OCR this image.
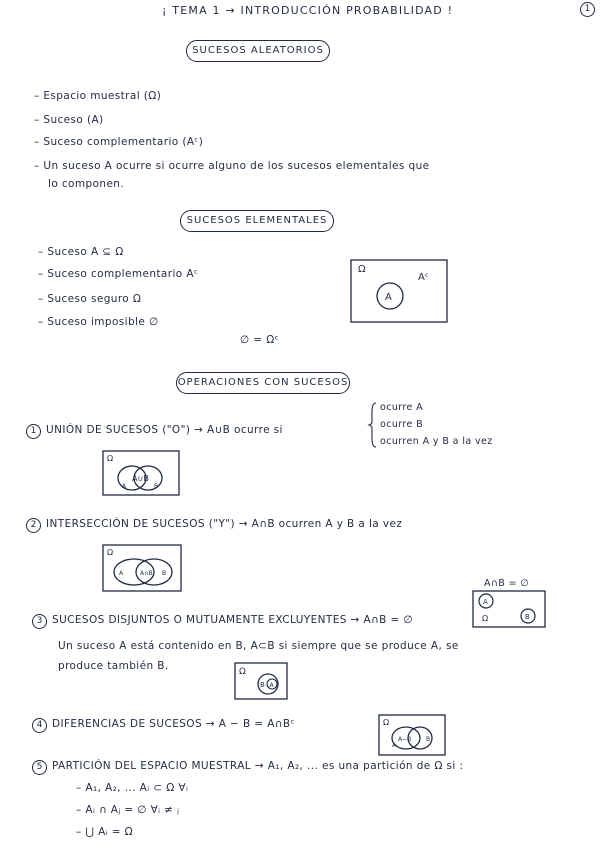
¡ TEMA 1 → INTRODUCCIÓN PROBABILIDAD !	1
SUCESOS ALEATORIOS
– Espacio muestral (Ω)
– Suceso (A)
– Suceso complementario (Aᶜ)
– Un suceso A ocurre si ocurre alguno de los sucesos elementales que
lo componen.
SUCESOS ELEMENTALES
– Suceso A ⊆ Ω
– Suceso complementario Aᶜ
– Suceso seguro Ω
– Suceso imposible ∅
∅ = Ωᶜ
Ω
A
Aᶜ
OPERACIONES CON SUCESOS
1 UNIÓN DE SUCESOS ("O") → A∪B ocurre si
ocurre A
ocurre B
ocurren A y B a la vez
Ω
A∪B
A	B
2 INTERSECCIÓN DE SUCESOS ("Y") → A∩B ocurren A y B a la vez
Ω
A	A∩B B
A∩B = ∅
A
Ω	B
3 SUCESOS DISJUNTOS O MUTUAMENTE EXCLUYENTES → A∩B = ∅
Un suceso A está contenido en B, A⊂B si siempre que se produce A, se
produce también B.	Ω
B A
4 DIFERENCIAS DE SUCESOS → A − B = A∩Bᶜ	Ω
A−B B
A
5 PARTICIÓN DEL ESPACIO MUESTRAL → A₁, A₂, ... es una partición de Ω si :
– A₁, A₂, ... Aᵢ ⊂ Ω ∀ᵢ
– Aᵢ ∩ Aⱼ = ∅ ∀ᵢ ≠ ⱼ
– ⋃ Aᵢ = Ω
